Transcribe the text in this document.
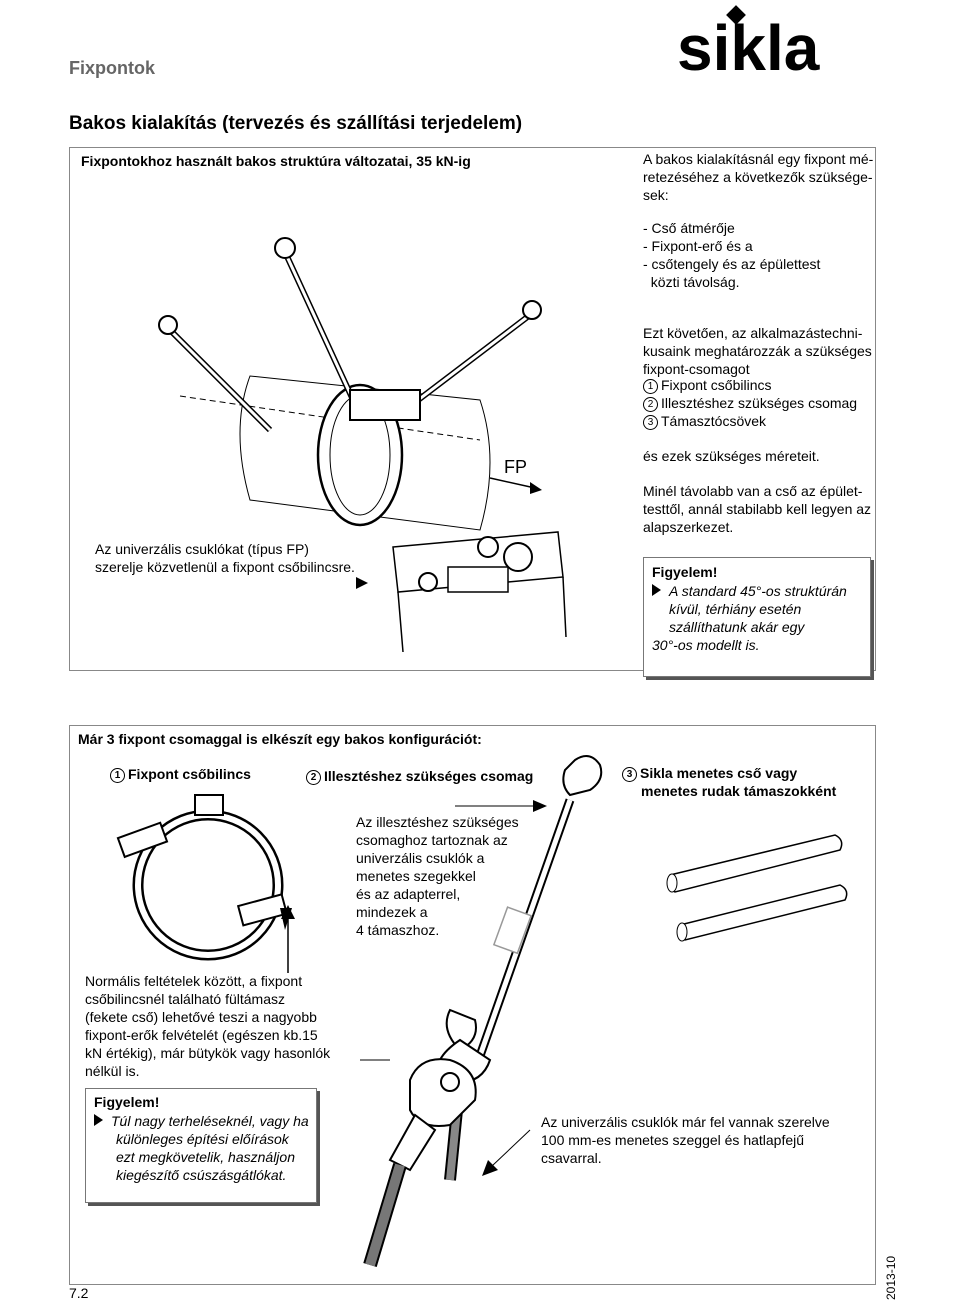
Fixpontok	sikla
Bakos kialakítás (tervezés és szállítási terjedelem)
Fixpontokhoz használt bakos struktúra változatai, 35 kN-ig
FP
Az univerzális csuklókat (típus FP)
szerelje közvetlenül a fixpont csőbilincsre.
A bakos kialakításnál egy fixpont mé-
retezéséhez a következők szüksége-
sek:
- Cső átmérője
- Fixpont-erő és a
- csőtengely és az épülettest
közti távolság.
Ezt követően, az alkalmazástechni-
kusaink meghatározzák a szükséges
fixpont-csomagot
1 Fixpont csőbilincs
2 Illesztéshez szükséges csomag
3 Támasztócsövek
és ezek szükséges méreteit.
Minél távolabb van a cső az épület-
testtől, annál stabilabb kell legyen az
alapszerkezet.
Figyelem!
A standard 45°-os struktúrán
kívül, térhiány esetén
szállíthatunk akár egy
30°-os modellt is.
Már 3 fixpont csomaggal is elkészít egy bakos konfigurációt:
1 Fixpont csőbilincs	2 Illesztéshez szükséges csomag	3 Sikla menetes cső vagy
menetes rudak támaszokként
Az illesztéshez szükséges
csomaghoz tartoznak az
univerzális csuklók a
menetes szegekkel
és az adapterrel,
mindezek a
4 támaszhoz.
Normális feltételek között, a fixpont
csőbilincsnél található fültámasz
(fekete cső) lehetővé teszi a nagyobb
fixpont-erők felvételét (egészen kb.15
kN értékig), már bütykök vagy hasonlók
nélkül is.
Figyelem!
Túl nagy terheléseknél, vagy ha
különleges építési előírások
ezt megkövetelik, használjon
kiegészítő csúszásgátlókat.
Az univerzális csuklók már fel vannak szerelve
100 mm-es menetes szeggel és hatlapfejű
csavarral.
7.2	2013-10
